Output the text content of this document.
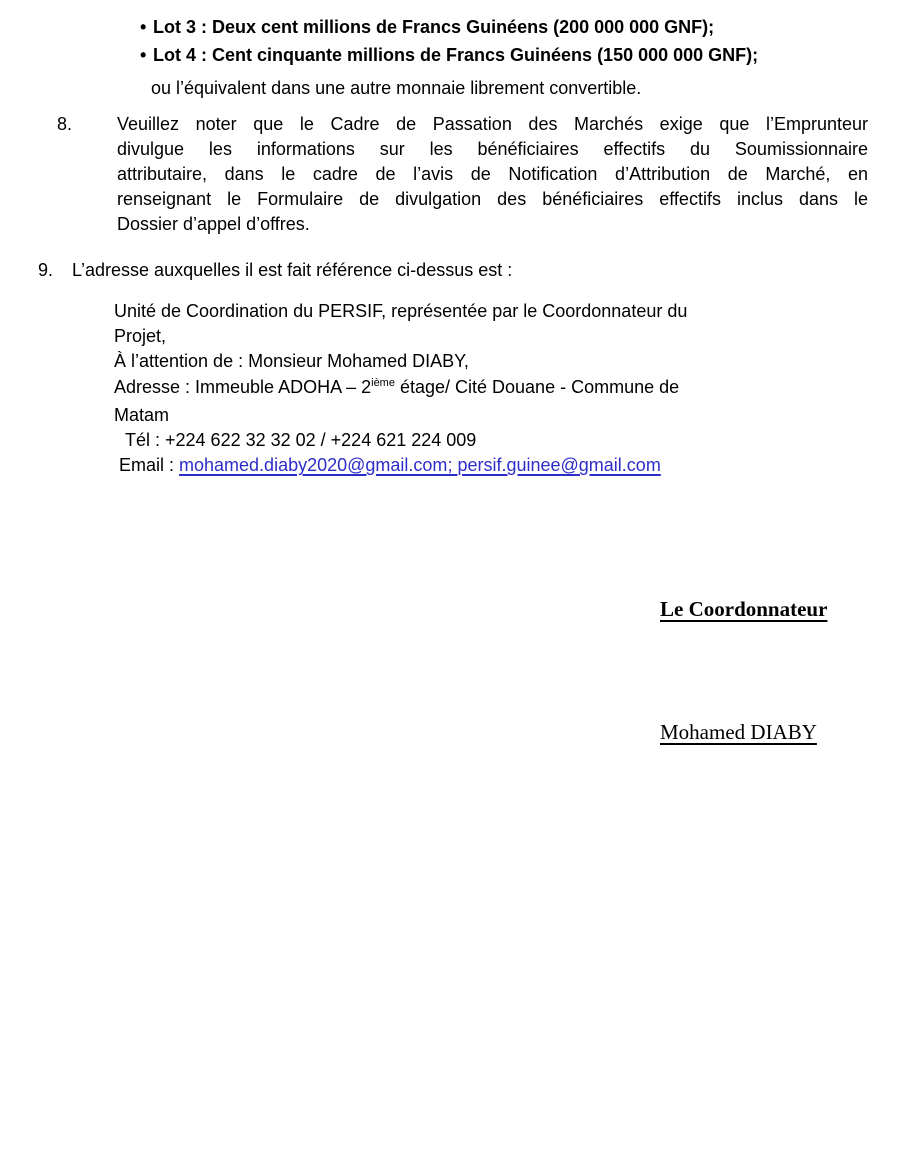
• Lot 3 : Deux cent millions de Francs Guinéens (200 000 000 GNF);
• Lot 4 : Cent cinquante millions de Francs Guinéens (150 000 000 GNF);
ou l’équivalent dans une autre monnaie librement convertible.
8.	Veuillez noter que le Cadre de Passation des Marchés exige que l’Emprunteur
divulgue les informations sur les bénéficiaires effectifs du Soumissionnaire
attributaire, dans le cadre de l’avis de Notification d’Attribution de Marché, en
renseignant le Formulaire de divulgation des bénéficiaires effectifs inclus dans le
Dossier d’appel d’offres.
9.	L’adresse auxquelles il est fait référence ci-dessus est :
Unité de Coordination du PERSIF, représentée par le Coordonnateur du
Projet,
À l’attention de : Monsieur Mohamed DIABY,
Adresse : Immeuble ADOHA – 2ième étage/ Cité Douane - Commune de
Matam
Tél : +224 622 32 32 02 / +224 621 224 009
Email : mohamed.diaby2020@gmail.com; persif.guinee@gmail.com
Le Coordonnateur
Mohamed DIABY
